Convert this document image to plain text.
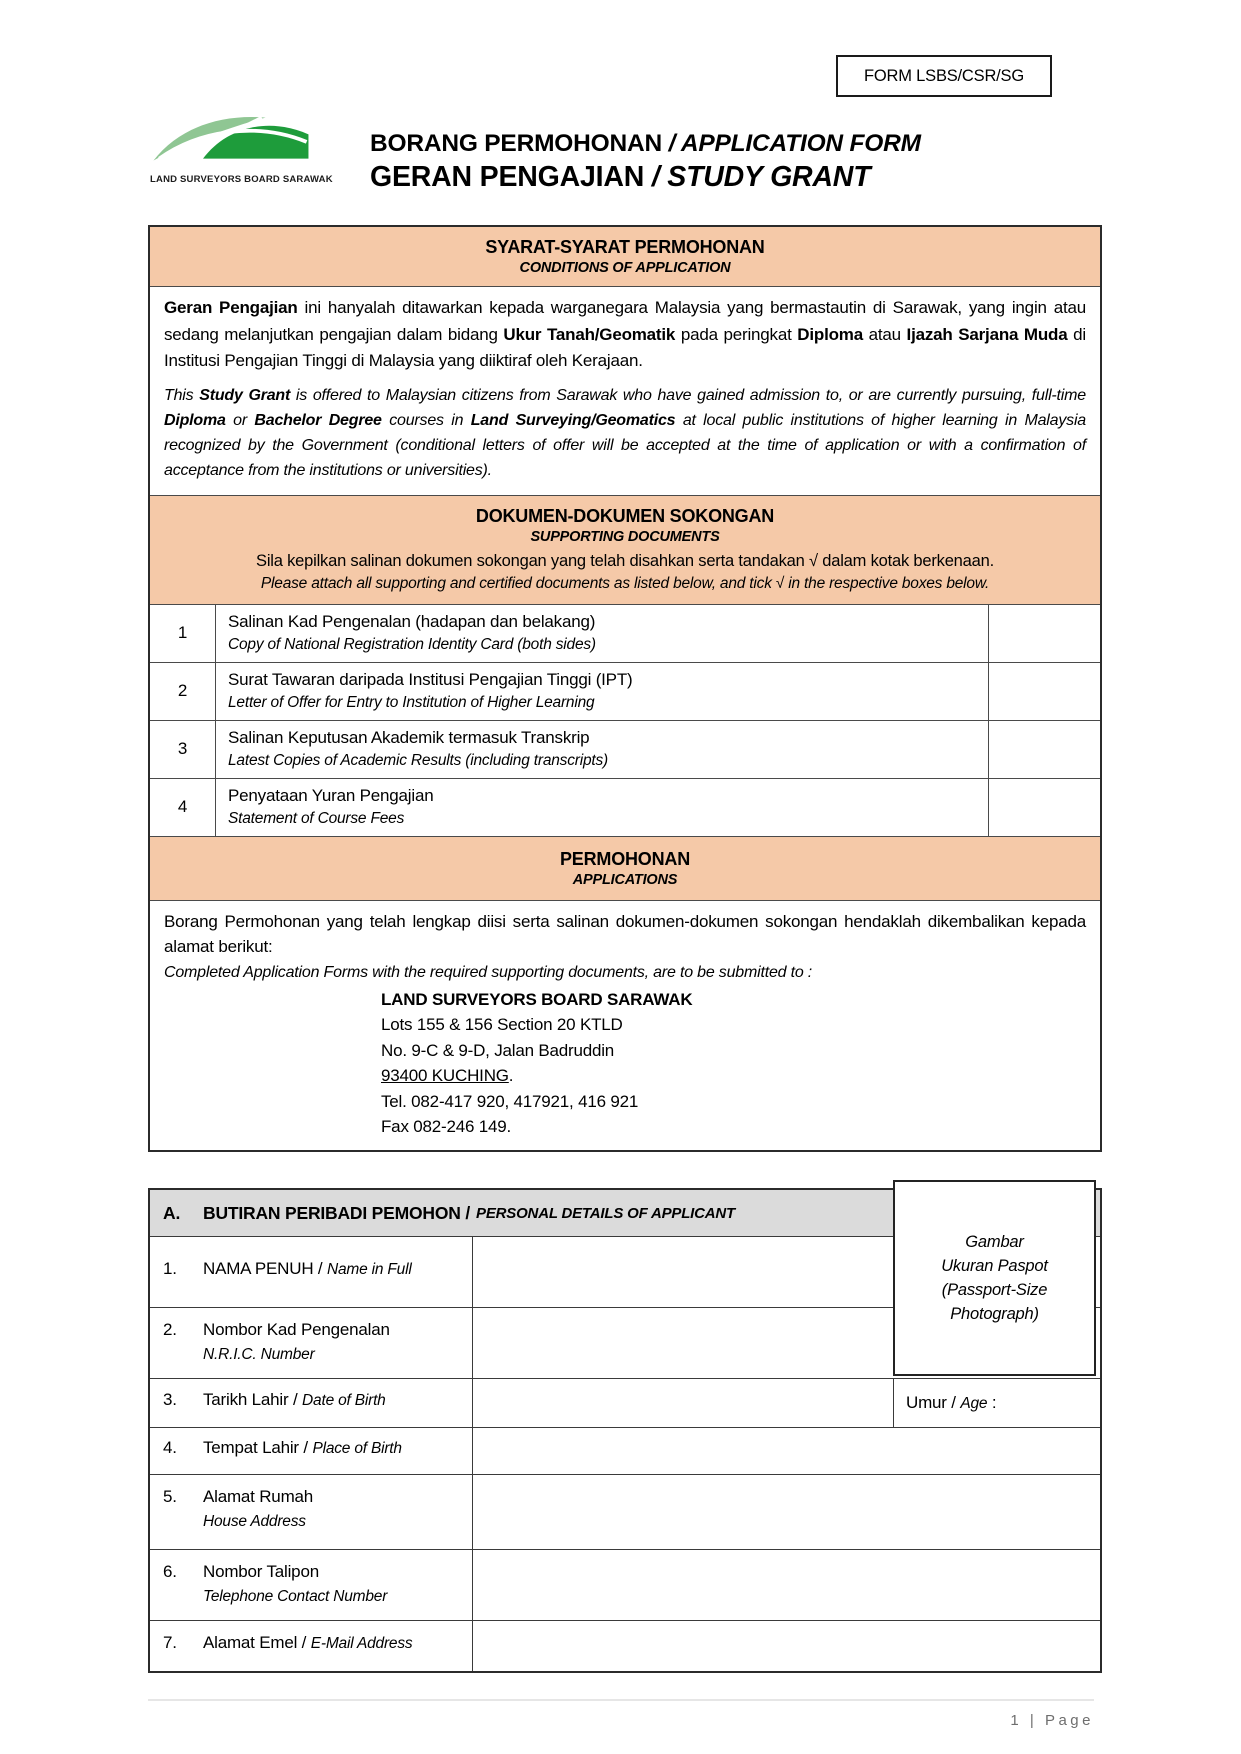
FORM LSBS/CSR/SG
LAND SURVEYORS BOARD SARAWAK
BORANG PERMOHONAN / APPLICATION FORM
GERAN PENGAJIAN / STUDY GRANT
SYARAT-SYARAT PERMOHONAN
CONDITIONS OF APPLICATION

Geran Pengajian ini hanyalah ditawarkan kepada warganegara Malaysia yang bermastautin di Sarawak, yang ingin atau sedang melanjutkan pengajian dalam bidang Ukur Tanah/Geomatik pada peringkat Diploma atau Ijazah Sarjana Muda di Institusi Pengajian Tinggi di Malaysia yang diiktiraf oleh Kerajaan.

This Study Grant is offered to Malaysian citizens from Sarawak who have gained admission to, or are currently pursuing, full-time Diploma or Bachelor Degree courses in Land Surveying/Geomatics at local public institutions of higher learning in Malaysia recognized by the Government (conditional letters of offer will be accepted at the time of application or with a confirmation of acceptance from the institutions or universities).

DOKUMEN-DOKUMEN SOKONGAN
SUPPORTING DOCUMENTS
Sila kepilkan salinan dokumen sokongan yang telah disahkan serta tandakan √ dalam kotak berkenaan.
Please attach all supporting and certified documents as listed below, and tick √ in the respective boxes below.
1
Salinan Kad Pengenalan (hadapan dan belakang)
Copy of National Registration Identity Card (both sides)
2
Surat Tawaran daripada Institusi Pengajian Tinggi (IPT)
Letter of Offer for Entry to Institution of Higher Learning
3
Salinan Keputusan Akademik termasuk Transkrip
Latest Copies of Academic Results (including transcripts)
4
Penyataan Yuran Pengajian
Statement of Course Fees
PERMOHONAN
APPLICATIONS

Borang Permohonan yang telah lengkap diisi serta salinan dokumen-dokumen sokongan hendaklah dikembalikan kepada alamat berikut:

Completed Application Forms with the required supporting documents, are to be submitted to :

LAND SURVEYORS BOARD SARAWAK
Lots 155 & 156 Section 20 KTLD
No. 9-C & 9-D, Jalan Badruddin
93400 KUCHING.
Tel. 082-417 920, 417921, 416 921
Fax 082-246 149.
A.	BUTIRAN PERIBADI PEMOHON / PERSONAL DETAILS OF APPLICANT
1.	NAMA PENUH / Name in Full
2.	Nombor Kad Pengenalan
N.R.I.C. Number
3.	Tarikh Lahir / Date of Birth	Umur / Age :
4.	Tempat Lahir / Place of Birth
5.	Alamat Rumah
House Address
6.	Nombor Talipon
Telephone Contact Number
7.	Alamat Emel / E-Mail Address
Gambar
Ukuran Paspot
(Passport-Size
Photograph)
1 | Page
